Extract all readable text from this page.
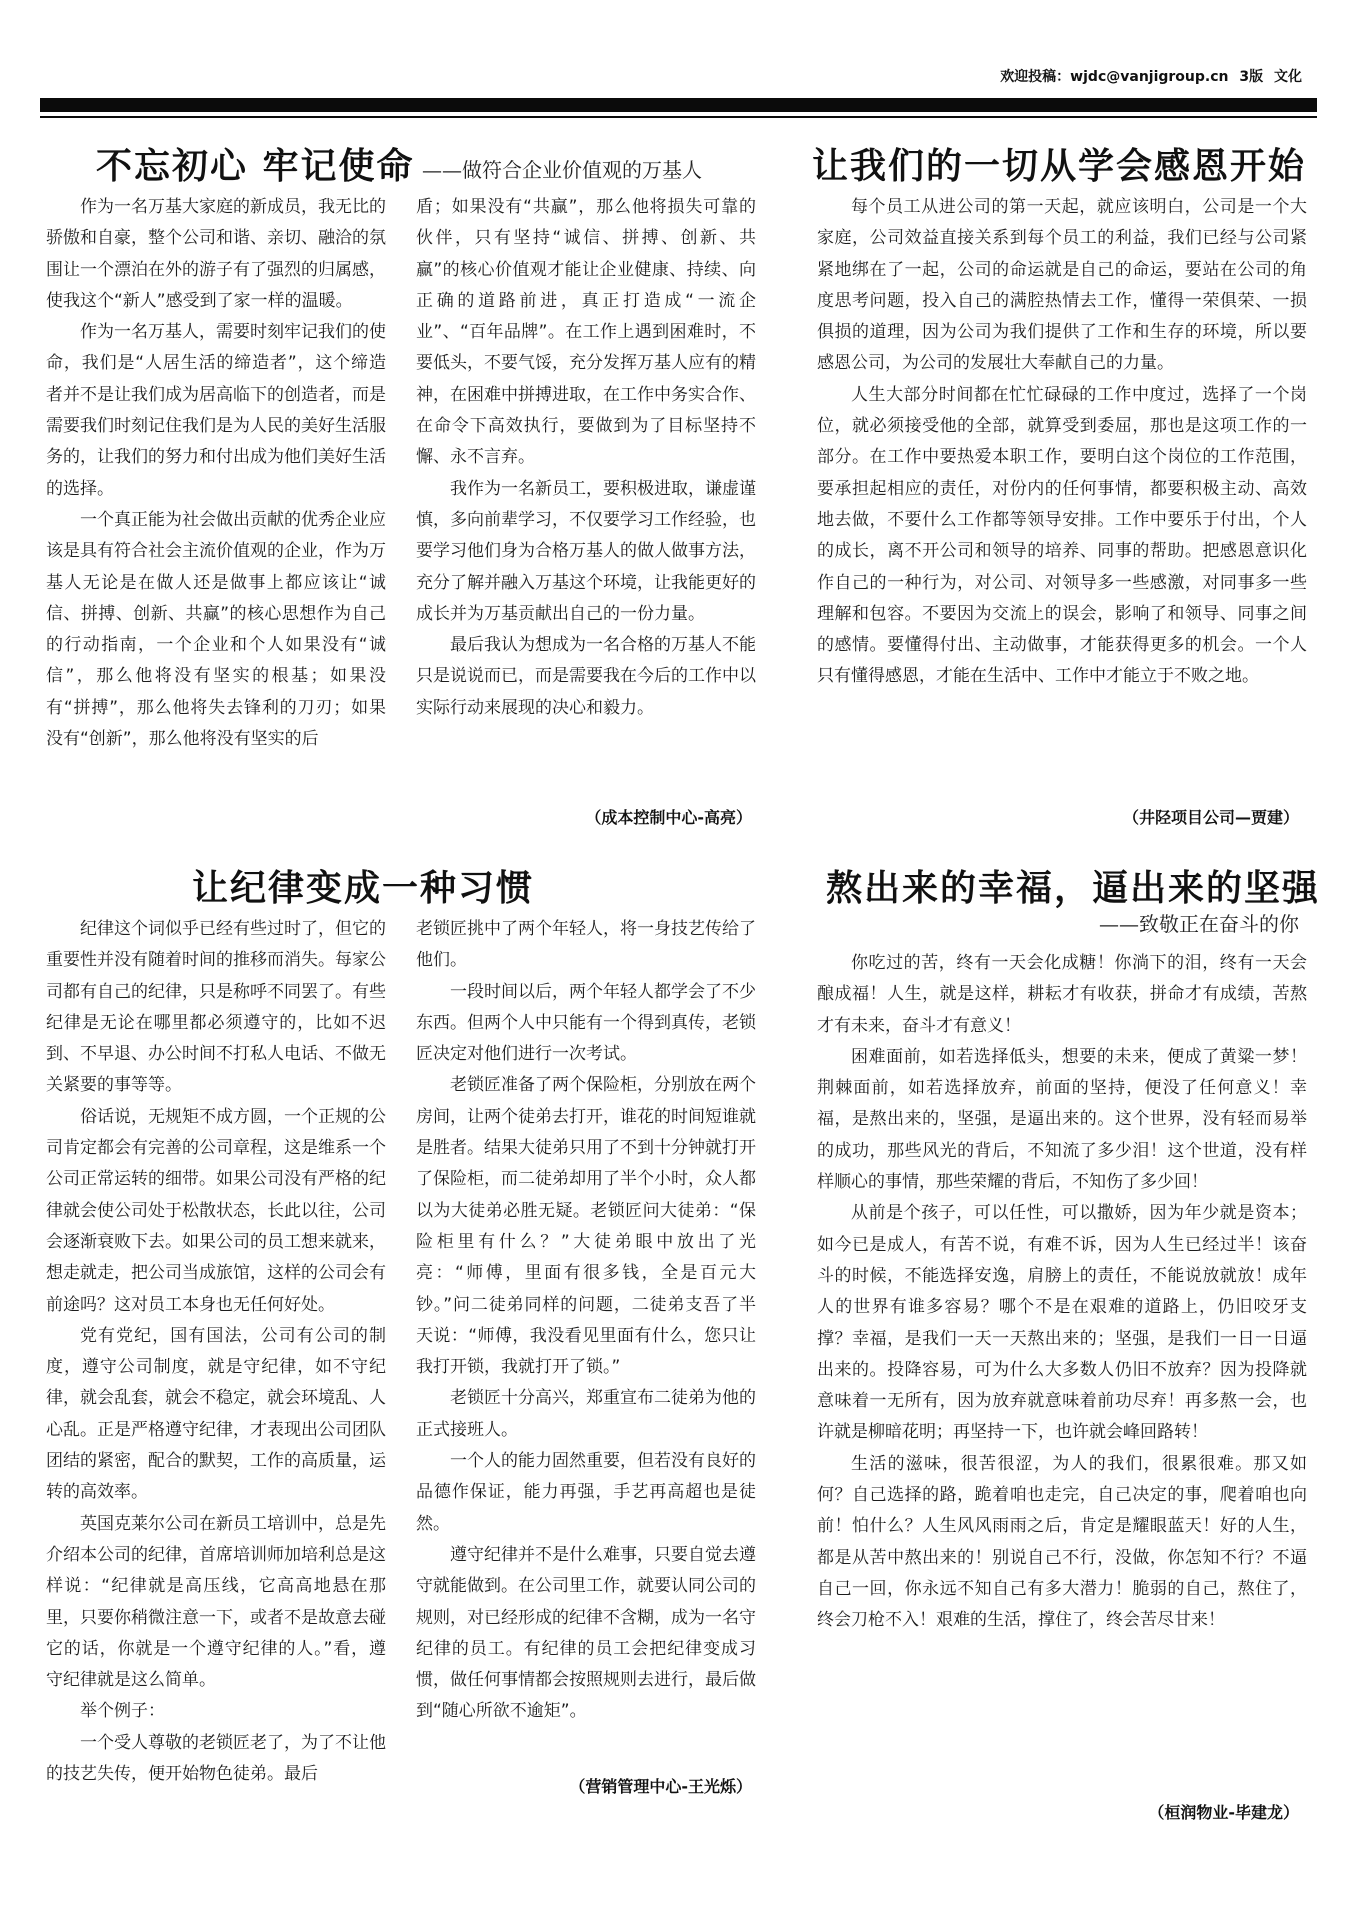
欢迎投稿：wjdc@vanjigroup.cn 3版 文化
不忘初心 牢记使命 ——做符合企业价值观的万基人

作为一名万基大家庭的新成员，我无比的骄傲和自豪，整个公司和谐、亲切、融洽的氛围让一个漂泊在外的游子有了强烈的归属感，使我这个“新人”感受到了家一样的温暖。

作为一名万基人，需要时刻牢记我们的使命，我们是“人居生活的缔造者”，这个缔造者并不是让我们成为居高临下的创造者，而是需要我们时刻记住我们是为人民的美好生活服务的，让我们的努力和付出成为他们美好生活的选择。

一个真正能为社会做出贡献的优秀企业应该是具有符合社会主流价值观的企业，作为万基人无论是在做人还是做事上都应该让“诚信、拼搏、创新、共赢”的核心思想作为自己的行动指南，一个企业和个人如果没有“诚信”，那么他将没有坚实的根基；如果没有“拼搏”，那么他将失去锋利的刀刃；如果没有“创新”，那么他将没有坚实的后

盾；如果没有“共赢”，那么他将损失可靠的伙伴，只有坚持“诚信、拼搏、创新、共赢”的核心价值观才能让企业健康、持续、向正确的道路前进，真正打造成“一流企业”、“百年品牌”。在工作上遇到困难时，不要低头，不要气馁，充分发挥万基人应有的精神，在困难中拼搏进取，在工作中务实合作、在命令下高效执行，要做到为了目标坚持不懈、永不言弃。

我作为一名新员工，要积极进取，谦虚谨慎，多向前辈学习，不仅要学习工作经验，也要学习他们身为合格万基人的做人做事方法，充分了解并融入万基这个环境，让我能更好的成长并为万基贡献出自己的一份力量。

最后我认为想成为一名合格的万基人不能只是说说而已，而是需要我在今后的工作中以实际行动来展现的决心和毅力。

（成本控制中心-高亮）
让我们的一切从学会感恩开始

每个员工从进公司的第一天起，就应该明白，公司是一个大家庭，公司效益直接关系到每个员工的利益，我们已经与公司紧紧地绑在了一起，公司的命运就是自己的命运，要站在公司的角度思考问题，投入自己的满腔热情去工作，懂得一荣俱荣、一损俱损的道理，因为公司为我们提供了工作和生存的环境，所以要感恩公司，为公司的发展壮大奉献自己的力量。

人生大部分时间都在忙忙碌碌的工作中度过，选择了一个岗位，就必须接受他的全部，就算受到委屈，那也是这项工作的一部分。在工作中要热爱本职工作，要明白这个岗位的工作范围，要承担起相应的责任，对份内的任何事情，都要积极主动、高效地去做，不要什么工作都等领导安排。工作中要乐于付出，个人的成长，离不开公司和领导的培养、同事的帮助。把感恩意识化作自己的一种行为，对公司、对领导多一些感激，对同事多一些理解和包容。不要因为交流上的误会，影响了和领导、同事之间的感情。要懂得付出、主动做事，才能获得更多的机会。一个人只有懂得感恩，才能在生活中、工作中才能立于不败之地。

（井陉项目公司—贾建）
让纪律变成一种习惯

纪律这个词似乎已经有些过时了，但它的重要性并没有随着时间的推移而消失。每家公司都有自己的纪律，只是称呼不同罢了。有些纪律是无论在哪里都必须遵守的，比如不迟到、不早退、办公时间不打私人电话、不做无关紧要的事等等。

俗话说，无规矩不成方圆，一个正规的公司肯定都会有完善的公司章程，这是维系一个公司正常运转的细带。如果公司没有严格的纪律就会使公司处于松散状态，长此以往，公司会逐渐衰败下去。如果公司的员工想来就来，想走就走，把公司当成旅馆，这样的公司会有前途吗？这对员工本身也无任何好处。

党有党纪，国有国法，公司有公司的制度，遵守公司制度，就是守纪律，如不守纪律，就会乱套，就会不稳定，就会环境乱、人心乱。正是严格遵守纪律，才表现出公司团队团结的紧密，配合的默契，工作的高质量，运转的高效率。

英国克莱尔公司在新员工培训中，总是先介绍本公司的纪律，首席培训师加培利总是这样说：“纪律就是高压线，它高高地悬在那里，只要你稍微注意一下，或者不是故意去碰它的话，你就是一个遵守纪律的人。”看，遵守纪律就是这么简单。

举个例子：

一个受人尊敬的老锁匠老了，为了不让他的技艺失传，便开始物色徒弟。最后

老锁匠挑中了两个年轻人，将一身技艺传给了他们。

一段时间以后，两个年轻人都学会了不少东西。但两个人中只能有一个得到真传，老锁匠决定对他们进行一次考试。

老锁匠准备了两个保险柜，分别放在两个房间，让两个徒弟去打开，谁花的时间短谁就是胜者。结果大徒弟只用了不到十分钟就打开了保险柜，而二徒弟却用了半个小时，众人都以为大徒弟必胜无疑。老锁匠问大徒弟：“保险柜里有什么？”大徒弟眼中放出了光亮：“师傅，里面有很多钱，全是百元大钞。”问二徒弟同样的问题，二徒弟支吾了半天说：“师傅，我没看见里面有什么，您只让我打开锁，我就打开了锁。”

老锁匠十分高兴，郑重宣布二徒弟为他的正式接班人。

一个人的能力固然重要，但若没有良好的品德作保证，能力再强，手艺再高超也是徒然。

遵守纪律并不是什么难事，只要自觉去遵守就能做到。在公司里工作，就要认同公司的规则，对已经形成的纪律不含糊，成为一名守纪律的员工。有纪律的员工会把纪律变成习惯，做任何事情都会按照规则去进行，最后做到“随心所欲不逾矩”。

（营销管理中心-王光烁）
熬出来的幸福，逼出来的坚强
——致敬正在奋斗的你

你吃过的苦，终有一天会化成糖！你淌下的泪，终有一天会酿成福！人生，就是这样，耕耘才有收获，拼命才有成绩，苦熬才有未来，奋斗才有意义！

困难面前，如若选择低头，想要的未来，便成了黄粱一梦！荆棘面前，如若选择放弃，前面的坚持，便没了任何意义！幸福，是熬出来的，坚强，是逼出来的。这个世界，没有轻而易举的成功，那些风光的背后，不知流了多少泪！这个世道，没有样样顺心的事情，那些荣耀的背后，不知伤了多少回！

从前是个孩子，可以任性，可以撒娇，因为年少就是资本；如今已是成人，有苦不说，有难不诉，因为人生已经过半！该奋斗的时候，不能选择安逸，肩膀上的责任，不能说放就放！成年人的世界有谁多容易？哪个不是在艰难的道路上，仍旧咬牙支撑？幸福，是我们一天一天熬出来的；坚强，是我们一日一日逼出来的。投降容易，可为什么大多数人仍旧不放弃？因为投降就意味着一无所有，因为放弃就意味着前功尽弃！再多熬一会，也许就是柳暗花明；再坚持一下，也许就会峰回路转！

生活的滋味，很苦很涩，为人的我们，很累很难。那又如何？自己选择的路，跪着咱也走完，自己决定的事，爬着咱也向前！怕什么？人生风风雨雨之后，肯定是耀眼蓝天！好的人生，都是从苦中熬出来的！别说自己不行，没做，你怎知不行？不逼自己一回，你永远不知自己有多大潜力！脆弱的自己，熬住了，终会刀枪不入！艰难的生活，撑住了，终会苦尽甘来！

（桓润物业-毕建龙）
